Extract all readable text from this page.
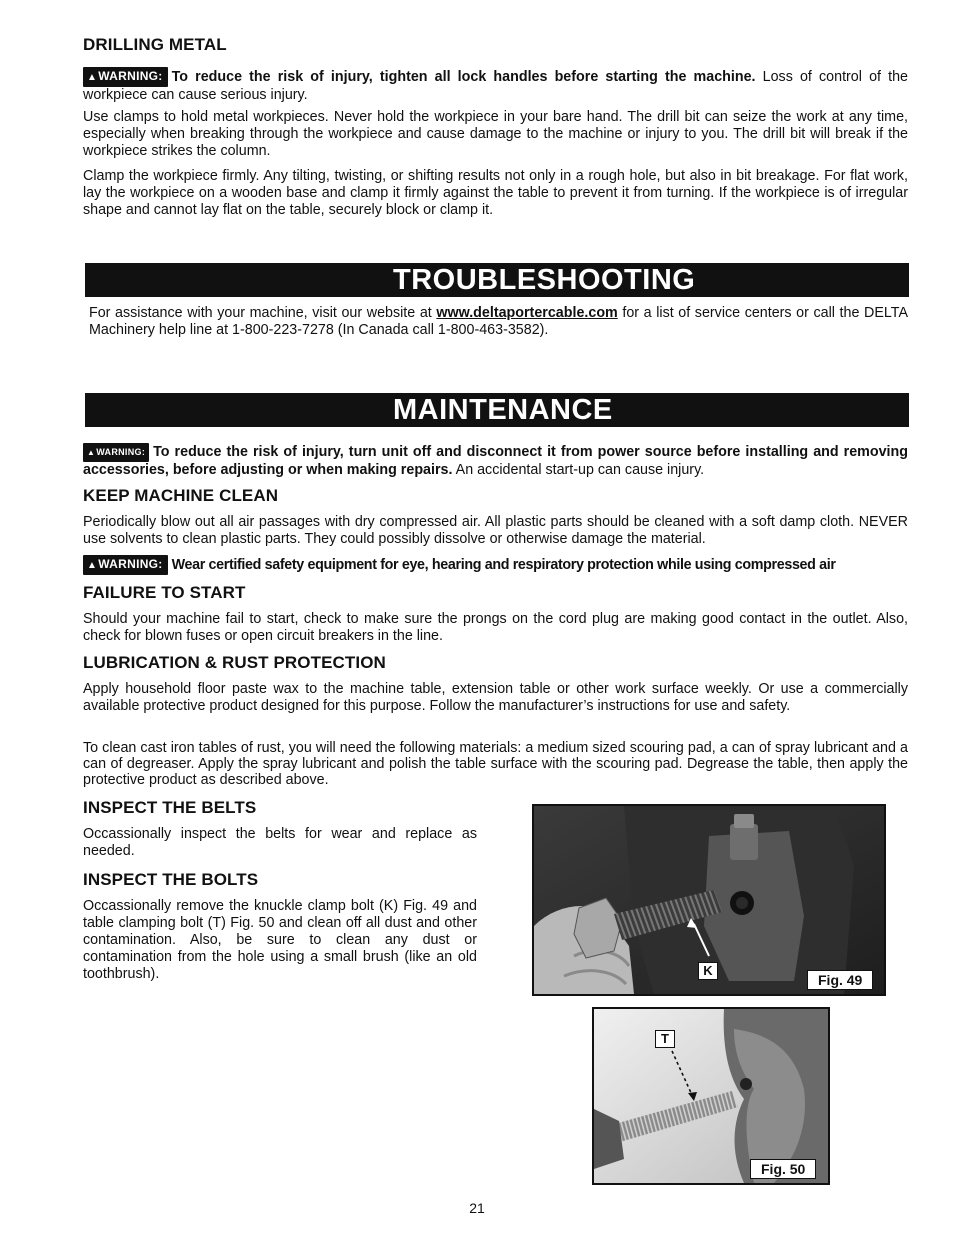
DRILLING METAL

▲WARNING: To reduce the risk of injury, tighten all lock handles before starting the machine. Loss of control of the workpiece can cause serious injury.

Use clamps to hold metal workpieces. Never hold the workpiece in your bare hand. The drill bit can seize the work at any time, especially when breaking through the workpiece and cause damage to the machine or injury to you. The drill bit will break if the workpiece strikes the column.

Clamp the workpiece firmly. Any tilting, twisting, or shifting results not only in a rough hole, but also in bit breakage. For flat work, lay the workpiece on a wooden base and clamp it firmly against the table to prevent it from turning. If the workpiece is of irregular shape and cannot lay flat on the table, securely block or clamp it.

TROUBLESHOOTING

For assistance with your machine, visit our website at www.deltaportercable.com for a list of service centers or call the DELTA Machinery help line at 1-800-223-7278 (In Canada call 1-800-463-3582).

MAINTENANCE

▲WARNING: To reduce the risk of injury, turn unit off and disconnect it from power source before installing and removing accessories, before adjusting or when making repairs. An accidental start-up can cause injury.

KEEP MACHINE CLEAN

Periodically blow out all air passages with dry compressed air. All plastic parts should be cleaned with a soft damp cloth. NEVER use solvents to clean plastic parts. They could possibly dissolve or otherwise damage the material.

▲WARNING: Wear certified safety equipment for eye, hearing and respiratory protection while using compressed air

FAILURE TO START

Should your machine fail to start, check to make sure the prongs on the cord plug are making good contact in the outlet. Also, check for blown fuses or open circuit breakers in the line.

LUBRICATION & RUST PROTECTION

Apply household floor paste wax to the machine table, extension table or other work surface weekly. Or use a commercially available protective product designed for this purpose. Follow the manufacturer’s instructions for use and safety.

To clean cast iron tables of rust, you will need the following materials: a medium sized scouring pad, a can of spray lubricant and a can of degreaser. Apply the spray lubricant and polish the table surface with the scouring pad. Degrease the table, then apply the protective product as described above.

INSPECT THE BELTS

Occassionally inspect the belts for wear and replace as needed.

INSPECT THE BOLTS

Occassionally remove the knuckle clamp bolt (K) Fig. 49 and table clamping bolt (T) Fig. 50 and clean off all dust and other contamination. Also, be sure to clean any dust or contamination from the hole using a small brush (like an old toothbrush).	K
Fig. 49
T
Fig. 50
21
